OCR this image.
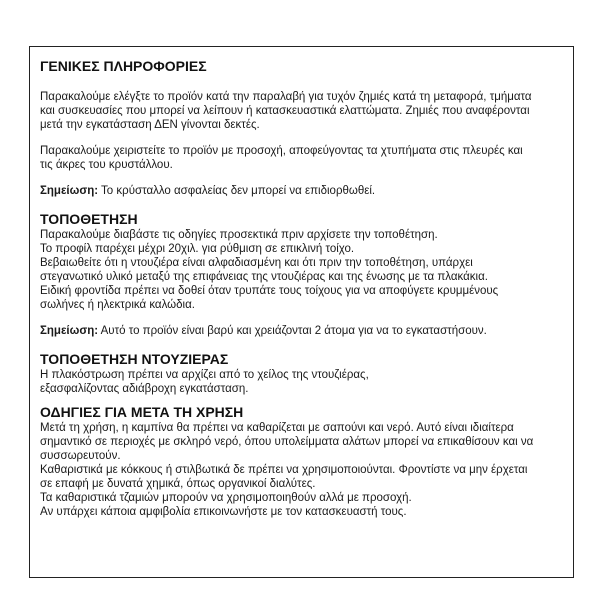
ΓΕΝΙΚΕΣ ΠΛΗΡΟΦΟΡΙΕΣ
Παρακαλούμε ελέγξτε το προϊόν κατά την παραλαβή για τυχόν ζημιές κατά τη μεταφορά, τμήματα
και συσκευασίες που μπορεί να λείπουν ή κατασκευαστικά ελαττώματα. Ζημιές που αναφέρονται
μετά την εγκατάσταση ΔΕΝ γίνονται δεκτές.
Παρακαλούμε χειριστείτε το προϊόν με προσοχή, αποφεύγοντας τα χτυπήματα στις πλευρές και
τις άκρες του κρυστάλλου.
Σημείωση: Το κρύσταλλο ασφαλείας δεν μπορεί να επιδιορθωθεί.
ΤΟΠΟΘΕΤΗΣΗ
Παρακαλούμε διαβάστε τις οδηγίες προσεκτικά πριν αρχίσετε την τοποθέτηση.
Το προφίλ παρέχει μέχρι 20χιλ. για ρύθμιση σε επικλινή τοίχο.
Βεβαιωθείτε ότι η ντουζιέρα είναι αλφαδιασμένη και ότι πριν την τοποθέτηση, υπάρχει
στεγανωτικό υλικό μεταξύ της επιφάνειας της ντουζιέρας και της ένωσης με τα πλακάκια.
Ειδική φροντίδα πρέπει να δοθεί όταν τρυπάτε τους τοίχους για να αποφύγετε κρυμμένους
σωλήνες ή ηλεκτρικά καλώδια.
Σημείωση: Αυτό το προϊόν είναι βαρύ και χρειάζονται 2 άτομα για να το εγκαταστήσουν.
ΤΟΠΟΘΕΤΗΣΗ ΝΤΟΥΖΙΕΡΑΣ
Η πλακόστρωση πρέπει να αρχίζει από το χείλος της ντουζιέρας,
εξασφαλίζοντας αδιάβροχη εγκατάσταση.
ΟΔΗΓΙΕΣ ΓΙΑ ΜΕΤΑ ΤΗ ΧΡΗΣΗ
Μετά τη χρήση, η καμπίνα θα πρέπει να καθαρίζεται με σαπούνι και νερό. Αυτό είναι ιδιαίτερα
σημαντικό σε περιοχές με σκληρό νερό, όπου υπολείμματα αλάτων μπορεί να επικαθίσουν και να
συσσωρευτούν.
Καθαριστικά με κόκκους ή στιλβωτικά δε πρέπει να χρησιμοποιούνται. Φροντίστε να μην έρχεται
σε επαφή με δυνατά χημικά, όπως οργανικοί διαλύτες.
Τα καθαριστικά τζαμιών μπορούν να χρησιμοποιηθούν αλλά με προσοχή.
Αν υπάρχει κάποια αμφιβολία επικοινωνήστε με τον κατασκευαστή τους.
